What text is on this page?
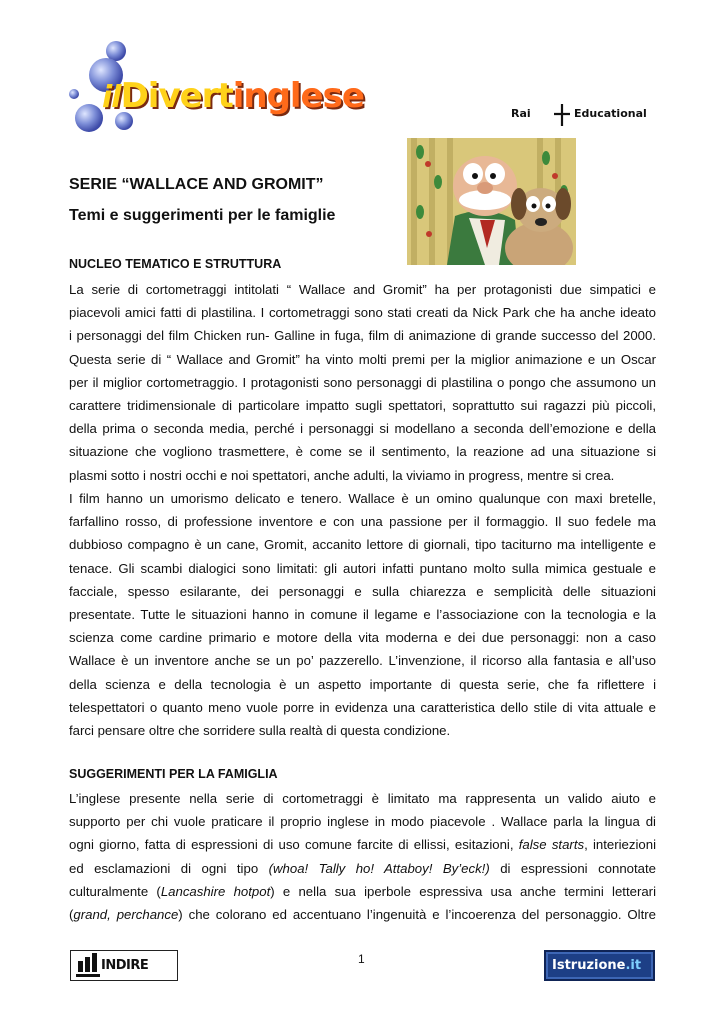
ilDivertinglese	Rai	Educational
SERIE “WALLACE AND GROMIT”
Temi e suggerimenti per le famiglie
NUCLEO TEMATICO E STRUTTURA
La serie di cortometraggi intitolati “ Wallace and Gromit” ha per protagonisti due simpatici e
piacevoli amici fatti di plastilina. I cortometraggi sono stati creati da Nick Park che ha anche ideato
i personaggi del film Chicken run- Galline in fuga, film di animazione di grande successo del 2000.
Questa serie di “ Wallace and Gromit” ha vinto molti premi per la miglior animazione e un Oscar
per il miglior cortometraggio. I protagonisti sono personaggi di plastilina o pongo che assumono un
carattere tridimensionale di particolare impatto sugli spettatori, soprattutto sui ragazzi più piccoli,
della prima o seconda media, perché i personaggi si modellano a seconda dell’emozione e della
situazione che vogliono trasmettere, è come se il sentimento, la reazione ad una situazione si
plasmi sotto i nostri occhi e noi spettatori, anche adulti, la viviamo in progress, mentre si crea.
I film hanno un umorismo delicato e tenero. Wallace è un omino qualunque con maxi bretelle,
farfallino rosso, di professione inventore e con una passione per il formaggio. Il suo fedele ma
dubbioso compagno è un cane, Gromit, accanito lettore di giornali, tipo taciturno ma intelligente e
tenace. Gli scambi dialogici sono limitati: gli autori infatti puntano molto sulla mimica gestuale e
facciale, spesso esilarante, dei personaggi e sulla chiarezza e semplicità delle situazioni
presentate. Tutte le situazioni hanno in comune il legame e l’associazione con la tecnologia e la
scienza come cardine primario e motore della vita moderna e dei due personaggi: non a caso
Wallace è un inventore anche se un po’ pazzerello. L’invenzione, il ricorso alla fantasia e all’uso
della scienza e della tecnologia è un aspetto importante di questa serie, che fa riflettere i
telespettatori o quanto meno vuole porre in evidenza una caratteristica dello stile di vita attuale e
farci pensare oltre che sorridere sulla realtà di questa condizione.
SUGGERIMENTI PER LA FAMIGLIA
L’inglese presente nella serie di cortometraggi è limitato ma rappresenta un valido aiuto e
supporto per chi vuole praticare il proprio inglese in modo piacevole . Wallace parla la lingua di
ogni giorno, fatta di espressioni di uso comune farcite di ellissi, esitazioni, false starts, interiezioni
ed esclamazioni di ogni tipo (whoa! Tally ho! Attaboy! By’eck!) di espressioni connotate
culturalmente (Lancashire hotpot) e nella sua iperbole espressiva usa anche termini letterari
(grand, perchance) che colorano ed accentuano l’ingenuità e l’incoerenza del personaggio. Oltre
INDIRE	1	Istruzione.it
